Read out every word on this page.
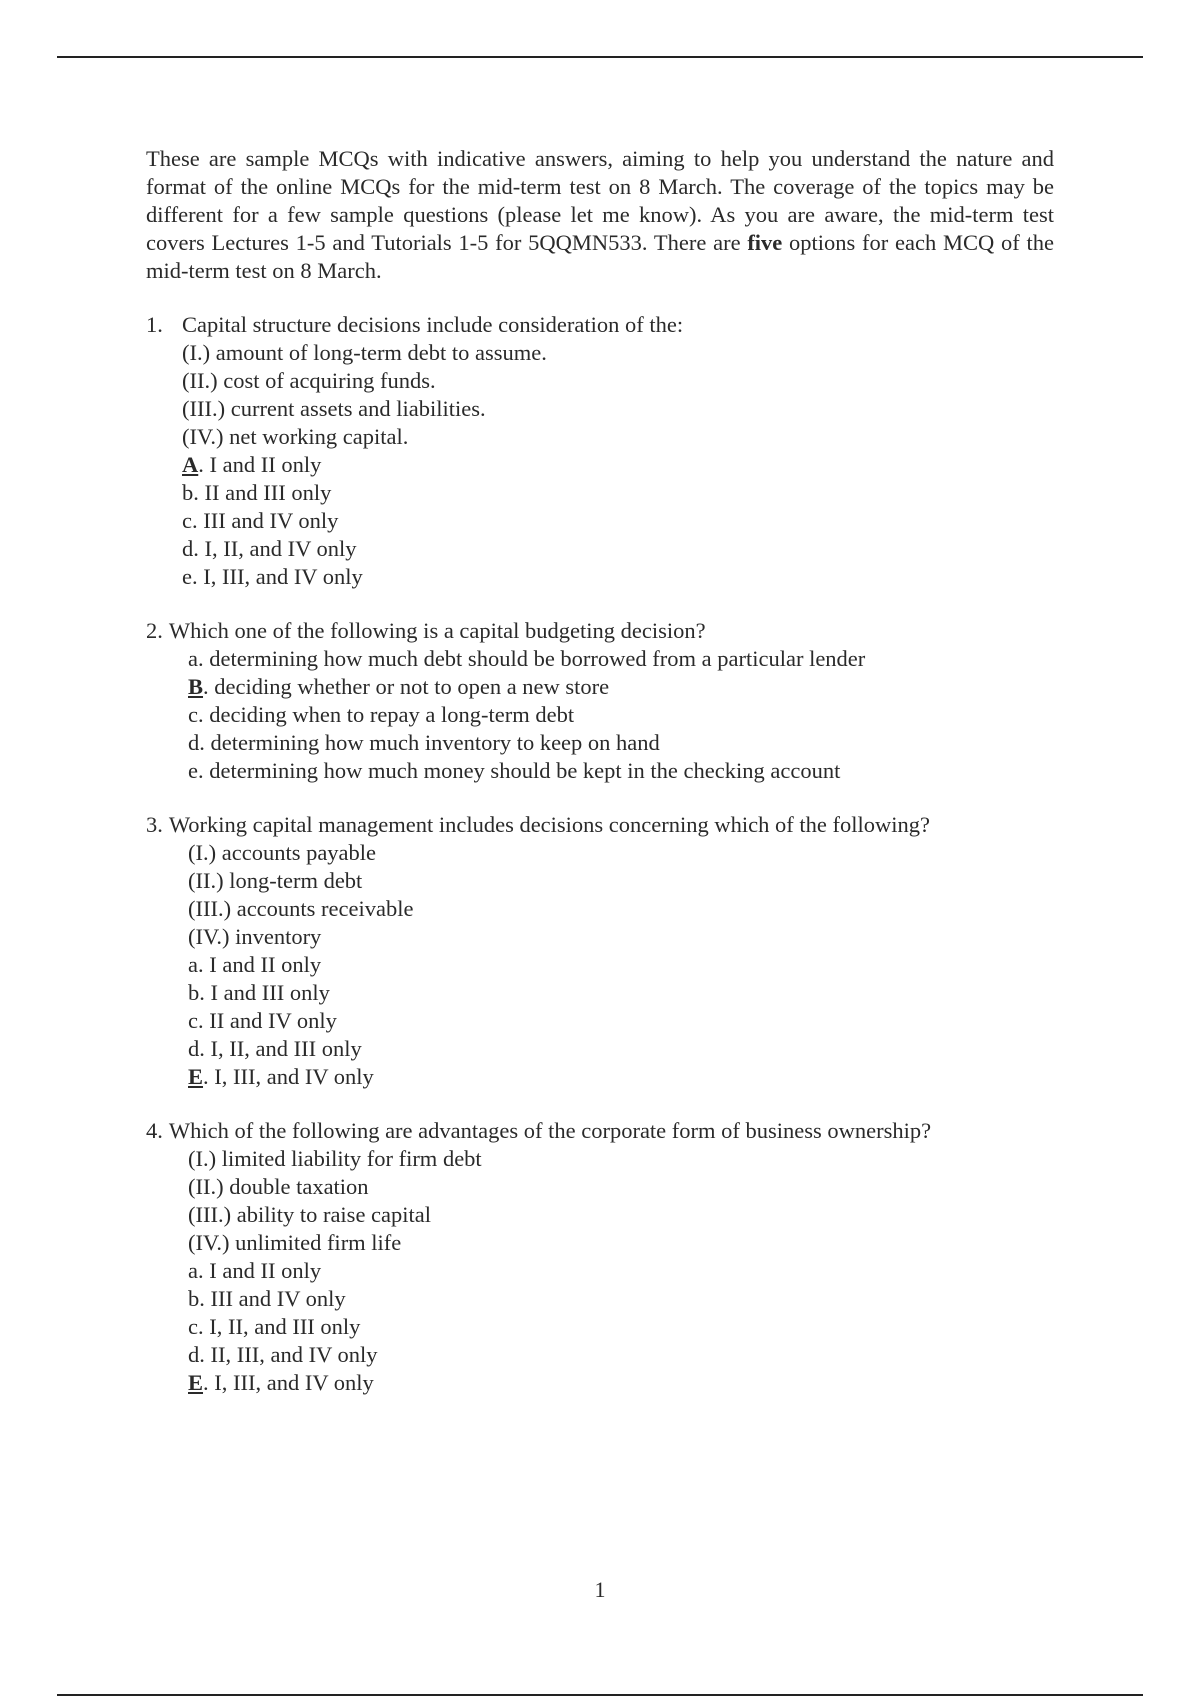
These are sample MCQs with indicative answers, aiming to help you understand the nature and format of the online MCQs for the mid-term test on 8 March. The coverage of the topics may be different for a few sample questions (please let me know). As you are aware, the mid-term test covers Lectures 1-5 and Tutorials 1-5 for 5QQMN533. There are five options for each MCQ of the mid-term test on 8 March.

1. Capital structure decisions include consideration of the:
(I.) amount of long-term debt to assume.
(II.) cost of acquiring funds.
(III.) current assets and liabilities.
(IV.) net working capital.
A. I and II only
b. II and III only
c. III and IV only
d. I, II, and IV only
e. I, III, and IV only
2. Which one of the following is a capital budgeting decision?
a. determining how much debt should be borrowed from a particular lender
B. deciding whether or not to open a new store
c. deciding when to repay a long-term debt
d. determining how much inventory to keep on hand
e. determining how much money should be kept in the checking account
3. Working capital management includes decisions concerning which of the following?
(I.) accounts payable
(II.) long-term debt
(III.) accounts receivable
(IV.) inventory
a. I and II only
b. I and III only
c. II and IV only
d. I, II, and III only
E. I, III, and IV only
4. Which of the following are advantages of the corporate form of business ownership?
(I.) limited liability for firm debt
(II.) double taxation
(III.) ability to raise capital
(IV.) unlimited firm life
a. I and II only
b. III and IV only
c. I, II, and III only
d. II, III, and IV only
E. I, III, and IV only
1
